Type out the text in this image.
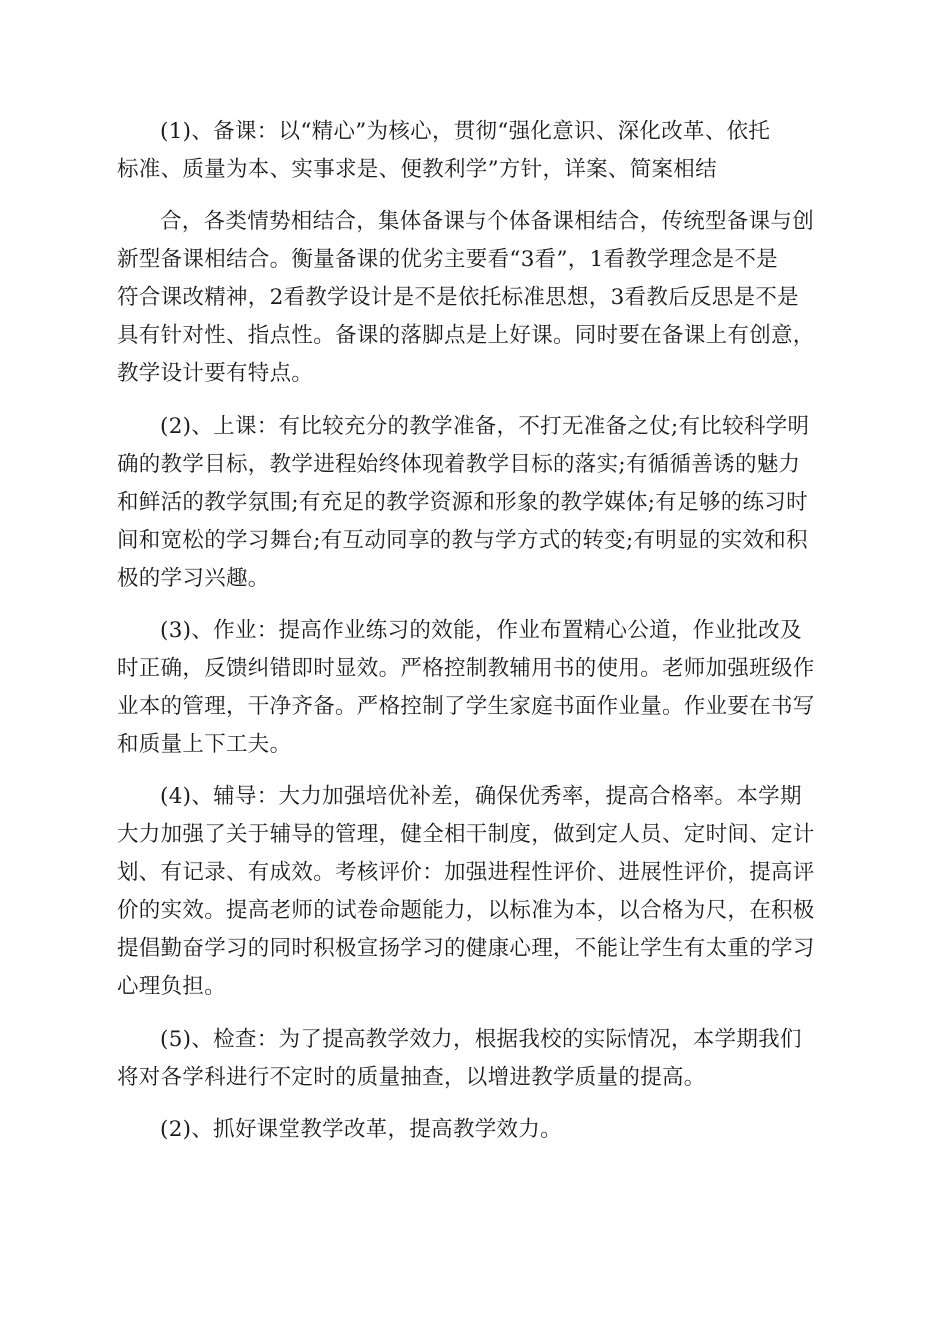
(1)、备课：以“精心”为核心，贯彻“强化意识、深化改革、依托
标准、质量为本、实事求是、便教利学”方针，详案、简案相结
合，各类情势相结合，集体备课与个体备课相结合，传统型备课与创
新型备课相结合。衡量备课的优劣主要看“3看”，1看教学理念是不是
符合课改精神，2看教学设计是不是依托标准思想，3看教后反思是不是
具有针对性、指点性。备课的落脚点是上好课。同时要在备课上有创意，
教学设计要有特点。
(2)、上课：有比较充分的教学准备，不打无准备之仗;有比较科学明
确的教学目标，教学进程始终体现着教学目标的落实;有循循善诱的魅力
和鲜活的教学氛围;有充足的教学资源和形象的教学媒体;有足够的练习时
间和宽松的学习舞台;有互动同享的教与学方式的转变;有明显的实效和积
极的学习兴趣。
(3)、作业：提高作业练习的效能，作业布置精心公道，作业批改及
时正确，反馈纠错即时显效。严格控制教辅用书的使用。老师加强班级作
业本的管理，干净齐备。严格控制了学生家庭书面作业量。作业要在书写
和质量上下工夫。
(4)、辅导：大力加强培优补差，确保优秀率，提高合格率。本学期
大力加强了关于辅导的管理，健全相干制度，做到定人员、定时间、定计
划、有记录、有成效。考核评价：加强进程性评价、进展性评价，提高评
价的实效。提高老师的试卷命题能力，以标准为本，以合格为尺，在积极
提倡勤奋学习的同时积极宣扬学习的健康心理，不能让学生有太重的学习
心理负担。
(5)、检查：为了提高教学效力，根据我校的实际情况，本学期我们
将对各学科进行不定时的质量抽查，以增进教学质量的提高。
(2)、抓好课堂教学改革，提高教学效力。
